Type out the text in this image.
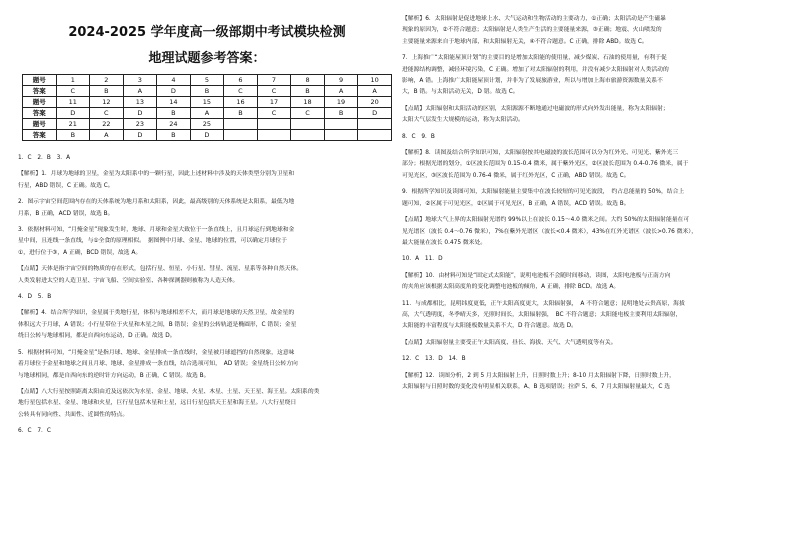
2024-2025 学年度高一级部期中考试模块检测
地理试题参考答案：
题号	1	2	3	4	5	6	7	8	9	10
答案	C	B	A	D	B	C	C	B	A	A
题号	11	12	13	14	15	16	17	18	19	20
答案	D	C	D	B	A	B	C	C	B	D
题号	21	22	23	24	25					
答案	B	A	D	B	D					

1．C　2．B　3．A

【解析】1．月球为地球的卫星，金星为太阳系中的一颗行星，因此上述材料中涉及的天体类型分别为卫星和

行星，ABD 错误，C 正确。故选 C。

2．图示宇宙空间范围内存在的天体系统为地月系和太阳系，因此，最高级别的天体系统是太阳系，最低为地

月系，B 正确，ACD 错误，故选 B。

3．依据材料可知，“月掩金星”现象发生时，地球、月球和金星大致位于一条直线上，且月球运行到地球和金

星中间，且连线一条直线，与①全食的原理相似。　据图例中月球、金星、地球的位置，可以确定月球位于

①，进行位于③，A 正确，BCD 错误，故选 A。

【点睛】天体是指宇宙空间的物质的存在形式，包括行星、恒星、小行星、彗星、流星、星系等各种自然天体。

人类发射进太空的人造卫星、宇宙飞船、空间实验室、各种探测器则被称为人造天体。

4．D　5．B

【解析】4．结合所学知识，金星属于类地行星，体积与地球相差不大，而月球是地球的天然卫星，故金星的

体积远大于月球，A 错误；小行星带位于火星和木星之间，B 错误；金星的公转轨道是椭圆形，C 错误；金星

绕日公转与地球相同，都是自西向东运动，D 正确。故选 D。

5．根据材料可知，“月掩金星”是指月球、地球、金星排成一条直线时，金星被月球遮挡的自然现象，这意味

着月球位于金星和地球之间且月球、地球、金星排成一条直线，结合选项可知，　AD 错误；金星绕日公转方向

与地球相同，都是自西向东的逆时针方向运动，B 正确，C 错误。故选 B。

【点睛】八大行星按照距离太阳由近及远依次为水星、金星、地球、火星、木星、土星、天王星、海王星。太阳系的类

地行星包括水星、金星、地球和火星，巨行星包括木星和土星，远日行星包括天王星和海王星。八大行星绕日

公转具有同向性、共面性、近圆性的特点。

6．C　7．C

【解析】6．太阳辐射是促进地球上水、大气运动和生物活动的主要动力，①正确；太阳活动是产生磁暴

现象的原因为，②不符合题意；太阳辐射是人类生产生活的主要能量来源，③正确；地震、火山喷发的

主要能量来源来自于地球内部，和太阳辐射无关，④不符合题意。C 正确，排除 ABD。故选 C。

7．上海推广“太阳能屋顶计划”的主要目的是增加太阳能的使用量，减少煤炭、石油的使用量，有利于促

进能源结构调整，减轻环境污染，C 正确。增加了对太阳辐射的利用，并没有减少太阳辐射对人类活动的

影响，A 错。上海推广太阳能屋顶计划，并非为了发展旅游业，所以与增加上海市旅游资源数量关系不

大，B 错。与太阳活动无关，D 错。故选 C。

【点睛】太阳辐射和太阳活动的区别，太阳源源不断地通过电磁波的形式向外发出能量，称为太阳辐射；

太阳大气层发生大规模的运动，称为太阳活动。

8．C　9．B

【解析】8．读图及结合所学知识可知，太阳辐射按其电磁波的波长范围可以分为红外光、可见光、紫外光三

部分；根据光谱的划分，①区波长范围为 0.15-0.4 微米，属于紫外光区，②区波长范围为 0.4-0.76 微米，属于

可见光区，③区波长范围为 0.76-4 微米，属于红外光区，C 正确，ABD 错误。故选 C。

9．根据所学知识及读图可知，太阳辐射能量主要集中在波长较短的可见光波段，　约占总能量的 50%，结合上

题可知，②区属于可见光区，②区属于可见光区，B 正确，A 错误，ACD 错误。故选 B。

【点睛】地球大气上界的太阳辐射光谱约 99%以上在波长 0.15～4.0 微米之间。大约 50%的太阳辐射能量在可

见光谱区（波长 0.4～0.76 微米），7%在紫外光谱区（波长<0.4 微米），43%在红外光谱区（波长>0.76 微米），

最大能量在波长 0.475 微米处。

10．A　11．D

【解析】10．由材料可知是“固定式太阳能”，说明电池板不会随时间移动，读图，太阳电池板与正南方向

的夹角应该根据太阳高度角的变化调整电池板的倾角，A 正确，排除 BCD。故选 A。

11．与成都相比，昆明纬度更低，正午太阳高度更大，太阳辐射强，　A 不符合题意；昆明地处云贵高原，海拔

高，大气透明度，冬季晴天多，光照时间长，太阳辐射强，　BC 不符合题意；太阳能电板主要利用太阳辐射，

太阳能的丰富程度与太阳能板数量关系不大，D 符合题意。故选 D。

【点睛】太阳辐射量主要受正午太阳高度、昼长、海拔、天气、大气透明度等有关。

12．C　13．D　14．B

【解析】12．读图分析，2 到 5 月太阳辐射上升，日照时数上升；8-10 月太阳辐射下降，日照时数上升，

太阳辐射与日照时数的变化没有明显相关联系，A、B 选项错误；拉萨 5、6、7 月太阳辐射量最大，C 选
